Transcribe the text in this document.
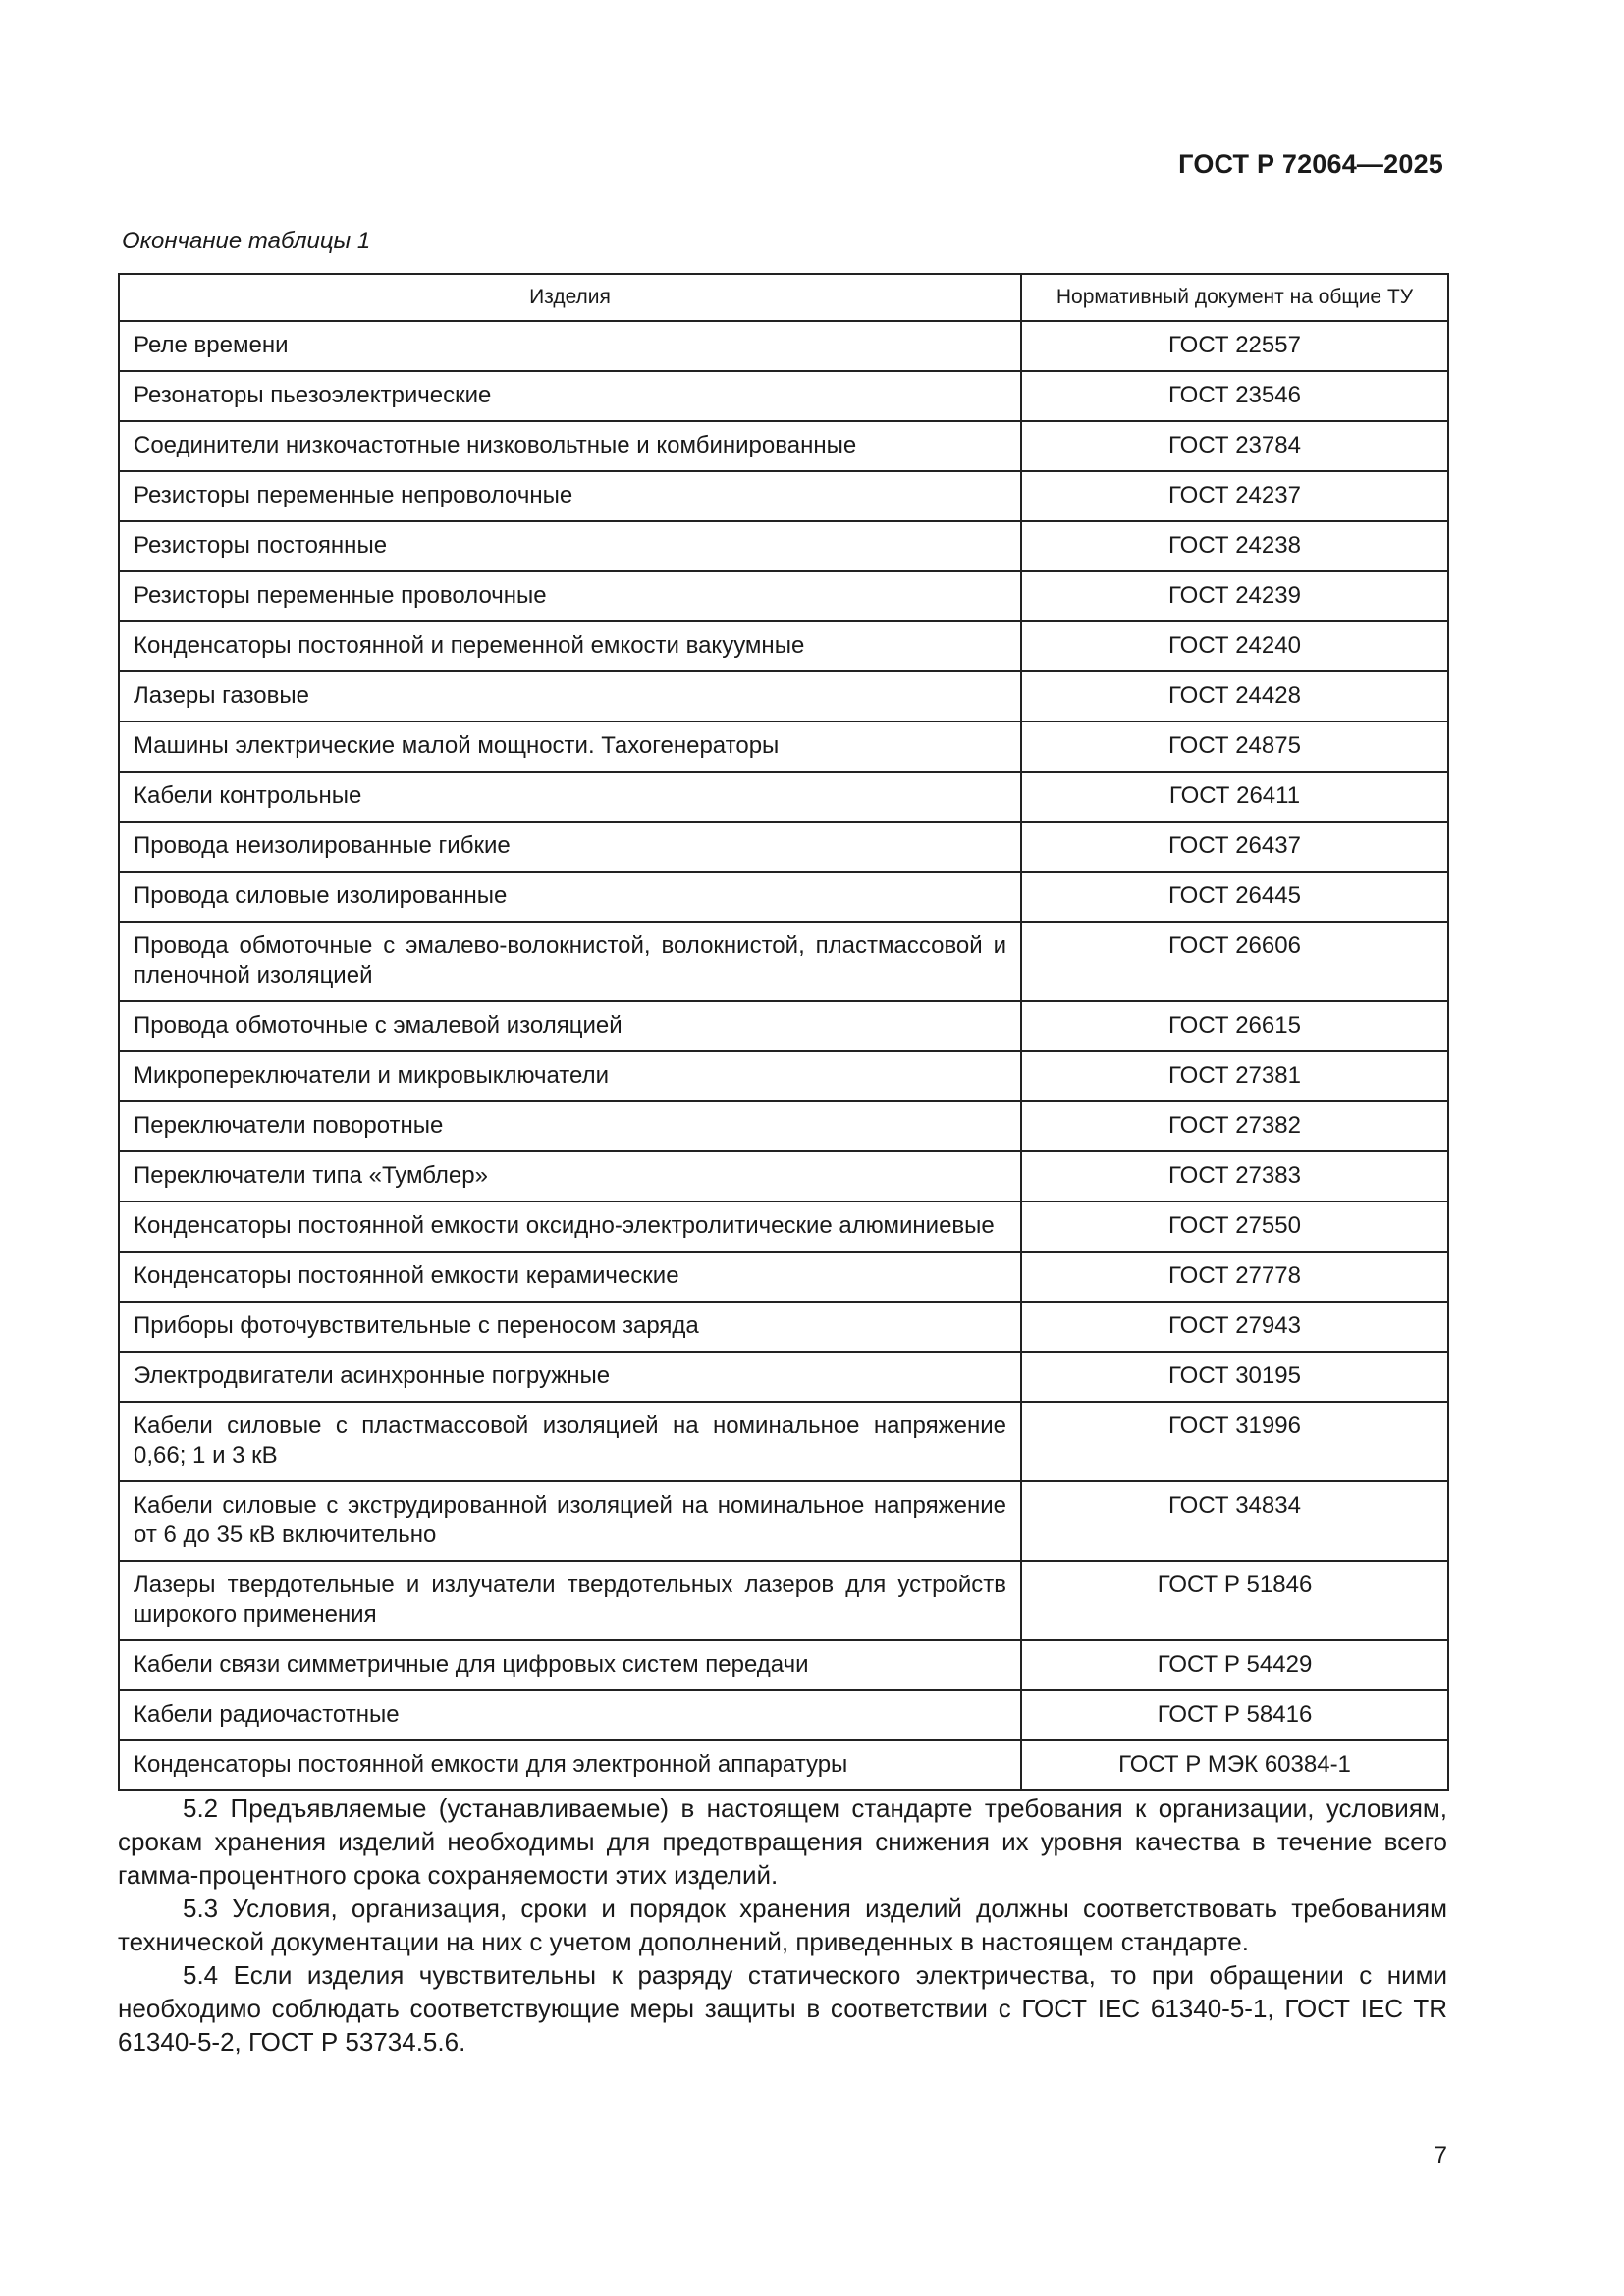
ГОСТ Р 72064—2025
Окончание таблицы 1
Изделия	Нормативный документ на общие ТУ
Реле времени	ГОСТ 22557
Резонаторы пьезоэлектрические	ГОСТ 23546
Соединители низкочастотные низковольтные и комбинированные	ГОСТ 23784
Резисторы переменные непроволочные	ГОСТ 24237
Резисторы постоянные	ГОСТ 24238
Резисторы переменные проволочные	ГОСТ 24239
Конденсаторы постоянной и переменной емкости вакуумные	ГОСТ 24240
Лазеры газовые	ГОСТ 24428
Машины электрические малой мощности. Тахогенераторы	ГОСТ 24875
Кабели контрольные	ГОСТ 26411
Провода неизолированные гибкие	ГОСТ 26437
Провода силовые изолированные	ГОСТ 26445
Провода обмоточные с эмалево-волокнистой, волокнистой, пластмассовой и пленочной изоляцией	ГОСТ 26606
Провода обмоточные с эмалевой изоляцией	ГОСТ 26615
Микропереключатели и микровыключатели	ГОСТ 27381
Переключатели поворотные	ГОСТ 27382
Переключатели типа «Тумблер»	ГОСТ 27383
Конденсаторы постоянной емкости оксидно-электролитические алюминиевые	ГОСТ 27550
Конденсаторы постоянной емкости керамические	ГОСТ 27778
Приборы фоточувствительные с переносом заряда	ГОСТ 27943
Электродвигатели асинхронные погружные	ГОСТ 30195
Кабели силовые с пластмассовой изоляцией на номинальное напряжение 0,66; 1 и 3 кВ	ГОСТ 31996
Кабели силовые с экструдированной изоляцией на номинальное напряжение от 6 до 35 кВ включительно	ГОСТ 34834
Лазеры твердотельные и излучатели твердотельных лазеров для устройств широкого применения	ГОСТ Р 51846
Кабели связи симметричные для цифровых систем передачи	ГОСТ Р 54429
Кабели радиочастотные	ГОСТ Р 58416
Конденсаторы постоянной емкости для электронной аппаратуры	ГОСТ Р МЭК 60384-1

5.2 Предъявляемые (устанавливаемые) в настоящем стандарте требования к организации, условиям, срокам хранения изделий необходимы для предотвращения снижения их уровня качества в течение всего гамма-процентного срока сохраняемости этих изделий.

5.3 Условия, организация, сроки и порядок хранения изделий должны соответствовать требованиям технической документации на них с учетом дополнений, приведенных в настоящем стандарте.

5.4 Если изделия чувствительны к разряду статического электричества, то при обращении с ними необходимо соблюдать соответствующие меры защиты в соответствии с ГОСТ IEC 61340-5-1, ГОСТ IEC TR 61340-5-2, ГОСТ Р 53734.5.6.

7
